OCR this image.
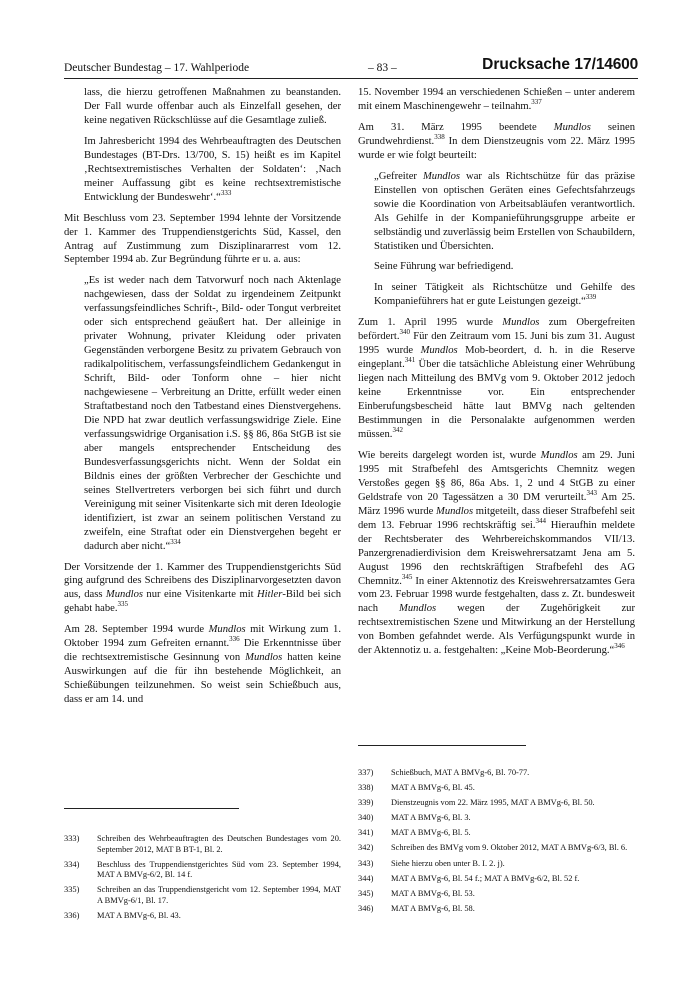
Deutscher Bundestag – 17. Wahlperiode	– 83 –	Drucksache 17/14600

lass, die hierzu getroffenen Maßnahmen zu beanstanden. Der Fall wurde offenbar auch als Einzelfall gesehen, der keine negativen Rückschlüsse auf die Gesamtlage zuließ.

Im Jahresbericht 1994 des Wehrbeauftragten des Deutschen Bundestages (BT-Drs. 13/700, S. 15) heißt es im Kapitel ‚Rechtsextremistisches Verhalten der Soldaten‘: ‚Nach meiner Auffassung gibt es keine rechtsextremistische Entwicklung der Bundeswehr‘.“$^{333}$

Mit Beschluss vom 23. September 1994 lehnte der Vorsitzende der 1. Kammer des Truppendienstgerichts Süd, Kassel, den Antrag auf Zustimmung zum Disziplinararrest vom 12. September 1994 ab. Zur Begründung führte er u. a. aus:

„Es ist weder nach dem Tatvorwurf noch nach Aktenlage nachgewiesen, dass der Soldat zu irgendeinem Zeitpunkt verfassungsfeindliches Schrift-, Bild- oder Tongut verbreitet oder sich entsprechend geäußert hat. Der alleinige in privater Wohnung, privater Kleidung oder privaten Gegenständen verborgene Besitz zu privatem Gebrauch von radikalpolitischem, verfassungsfeindlichem Gedankengut in Schrift, Bild- oder Tonform ohne – hier nicht nachgewiesene – Verbreitung an Dritte, erfüllt weder einen Straftatbestand noch den Tatbestand eines Dienstvergehens. Die NPD hat zwar deutlich verfassungswidrige Ziele. Eine verfassungswidrige Organisation i.S. §§ 86, 86a StGB ist sie aber mangels entsprechender Entscheidung des Bundesverfassungsgerichts nicht. Wenn der Soldat ein Bildnis eines der größten Verbrecher der Geschichte und seines Stellvertreters verborgen bei sich führt und durch Vereinigung mit seiner Visitenkarte sich mit deren Ideologie identifiziert, ist zwar an seinem politischen Verstand zu zweifeln, eine Straftat oder ein Dienstvergehen begeht er dadurch aber nicht.“$^{334}$

Der Vorsitzende der 1. Kammer des Truppendienstgerichts Süd ging aufgrund des Schreibens des Disziplinarvorgesetzten davon aus, dass Mundlos nur eine Visitenkarte mit Hitler-Bild bei sich gehabt habe.$^{335}$

Am 28. September 1994 wurde Mundlos mit Wirkung zum 1. Oktober 1994 zum Gefreiten ernannt.$^{336}$ Die Erkenntnisse über die rechtsextremistische Gesinnung von Mundlos hatten keine Auswirkungen auf die für ihn bestehende Möglichkeit, an Schießübungen teilzunehmen. So weist sein Schießbuch aus, dass er am 14. und

15. November 1994 an verschiedenen Schießen – unter anderem mit einem Maschinengewehr – teilnahm.$^{337}$

Am 31. März 1995 beendete Mundlos seinen Grundwehrdienst.$^{338}$ In dem Dienstzeugnis vom 22. März 1995 wurde er wie folgt beurteilt:

„Gefreiter Mundlos war als Richtschütze für das präzise Einstellen von optischen Geräten eines Gefechtsfahrzeugs sowie die Koordination von Arbeitsabläufen verantwortlich. Als Gehilfe in der Kompanieführungsgruppe arbeite er selbständig und zuverlässig beim Erstellen von Schaubildern, Statistiken und Übersichten.

Seine Führung war befriedigend.

In seiner Tätigkeit als Richtschütze und Gehilfe des Kompanieführers hat er gute Leistungen gezeigt.“$^{339}$

Zum 1. April 1995 wurde Mundlos zum Obergefreiten befördert.$^{340}$ Für den Zeitraum vom 15. Juni bis zum 31. August 1995 wurde Mundlos Mob-beordert, d. h. in die Reserve eingeplant.$^{341}$ Über die tatsächliche Ableistung einer Wehrübung liegen nach Mitteilung des BMVg vom 9. Oktober 2012 jedoch keine Erkenntnisse vor. Ein entsprechender Einberufungsbescheid hätte laut BMVg nach geltenden Bestimmungen in die Personalakte aufgenommen werden müssen.$^{342}$

Wie bereits dargelegt worden ist, wurde Mundlos am 29. Juni 1995 mit Strafbefehl des Amtsgerichts Chemnitz wegen Verstoßes gegen §§ 86, 86a Abs. 1, 2 und 4 StGB zu einer Geldstrafe von 20 Tagessätzen a 30 DM verurteilt.$^{343}$ Am 25. März 1996 wurde Mundlos mitgeteilt, dass dieser Strafbefehl seit dem 13. Februar 1996 rechtskräftig sei.$^{344}$ Hieraufhin meldete der Rechtsberater des Wehrbereichskommandos VII/13. Panzergrenadierdivision dem Kreiswehrersatzamt Jena am 5. August 1996 den rechtskräftigen Strafbefehl des AG Chemnitz.$^{345}$ In einer Aktennotiz des Kreiswehrersatzamtes Gera vom 23. Februar 1998 wurde festgehalten, dass z. Zt. bundesweit nach Mundlos wegen der Zugehörigkeit zur rechtsextremistischen Szene und Mitwirkung an der Herstellung von Bomben gefahndet werde. Als Verfügungspunkt wurde in der Aktennotiz u. a. festgehalten: „Keine Mob-Beorderung.“$^{346}$

333)	Schreiben des Wehrbeauftragten des Deutschen Bundestages vom 20. September 2012, MAT B BT-1, Bl. 2.
334)	Beschluss des Truppendienstgerichtes Süd vom 23. September 1994, MAT A BMVg-6/2, Bl. 14 f.
335)	Schreiben an das Truppendienstgericht vom 12. September 1994, MAT A BMVg-6/1, Bl. 17.
336)	MAT A BMVg-6, Bl. 43.
337)	Schießbuch, MAT A BMVg-6, Bl. 70-77.
338)	MAT A BMVg-6, Bl. 45.
339)	Dienstzeugnis vom 22. März 1995, MAT A BMVg-6, Bl. 50.
340)	MAT A BMVg-6, Bl. 3.
341)	MAT A BMVg-6, Bl. 5.
342)	Schreiben des BMVg vom 9. Oktober 2012, MAT A BMVg-6/3, Bl. 6.
343)	Siehe hierzu oben unter B. I. 2. j).
344)	MAT A BMVg-6, Bl. 54 f.; MAT A BMVg-6/2, Bl. 52 f.
345)	MAT A BMVg-6, Bl. 53.
346)	MAT A BMVg-6, Bl. 58.
